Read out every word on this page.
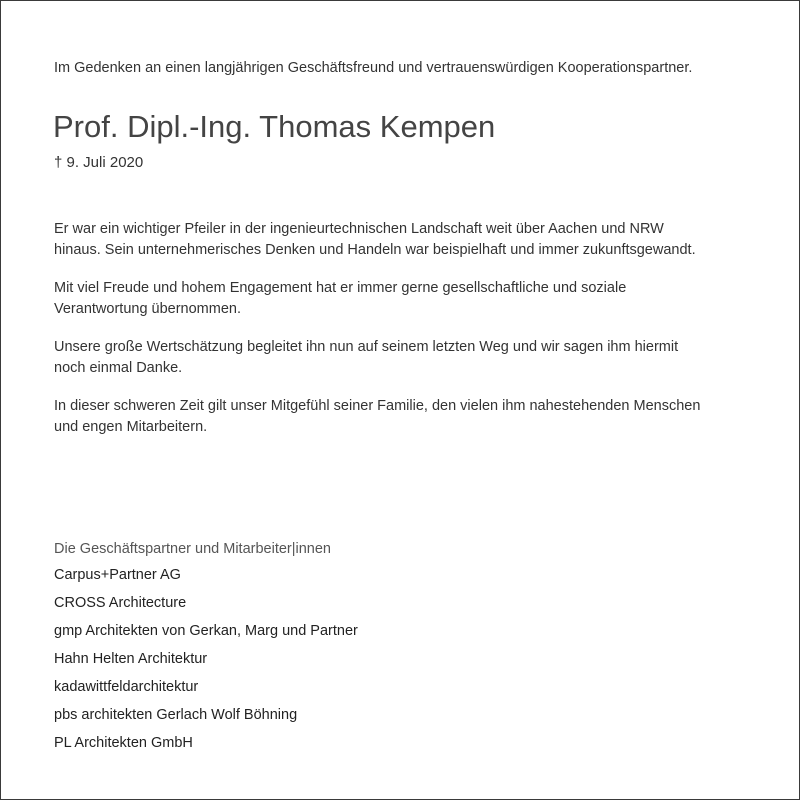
Im Gedenken an einen langjährigen Geschäftsfreund und vertrauenswürdigen Kooperationspartner.
Prof. Dipl.-Ing. Thomas Kempen
† 9. Juli 2020

Er war ein wichtiger Pfeiler in der ingenieurtechnischen Landschaft weit über Aachen und NRW
hinaus. Sein unternehmerisches Denken und Handeln war beispielhaft und immer zukunftsgewandt.

Mit viel Freude und hohem Engagement hat er immer gerne gesellschaftliche und soziale
Verantwortung übernommen.

Unsere große Wertschätzung begleitet ihn nun auf seinem letzten Weg und wir sagen ihm hiermit
noch einmal Danke.

In dieser schweren Zeit gilt unser Mitgefühl seiner Familie, den vielen ihm nahestehenden Menschen
und engen Mitarbeitern.

Die Geschäftspartner und Mitarbeiter|innen
Carpus+Partner AG
CROSS Architecture
gmp Architekten von Gerkan, Marg und Partner
Hahn Helten Architektur
kadawittfeldarchitektur
pbs architekten Gerlach Wolf Böhning
PL Architekten GmbH
